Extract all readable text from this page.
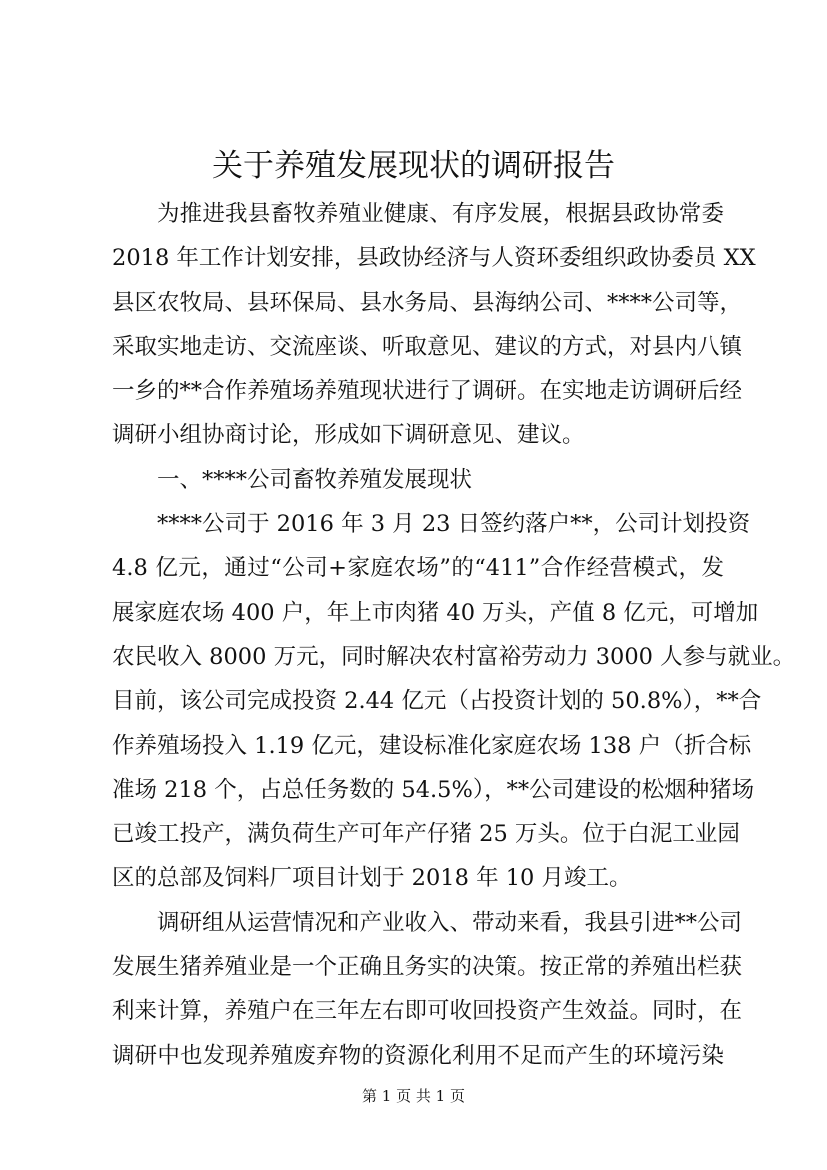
关于养殖发展现状的调研报告
为推进我县畜牧养殖业健康、有序发展，根据县政协常委
2018 年工作计划安排，县政协经济与人资环委组织政协委员 XX
县区农牧局、县环保局、县水务局、县海纳公司、****公司等，
采取实地走访、交流座谈、听取意见、建议的方式，对县内八镇
一乡的**合作养殖场养殖现状进行了调研。在实地走访调研后经
调研小组协商讨论，形成如下调研意见、建议。
一、****公司畜牧养殖发展现状
****公司于 2016 年 3 月 23 日签约落户**，公司计划投资
4.8 亿元，通过“公司+家庭农场”的“411”合作经营模式，发
展家庭农场 400 户，年上市肉猪 40 万头，产值 8 亿元，可增加
农民收入 8000 万元，同时解决农村富裕劳动力 3000 人参与就业。
目前，该公司完成投资 2.44 亿元（占投资计划的 50.8%），**合
作养殖场投入 1.19 亿元，建设标准化家庭农场 138 户（折合标
准场 218 个，占总任务数的 54.5%），**公司建设的松烟种猪场
已竣工投产，满负荷生产可年产仔猪 25 万头。位于白泥工业园
区的总部及饲料厂项目计划于 2018 年 10 月竣工。
调研组从运营情况和产业收入、带动来看，我县引进**公司
发展生猪养殖业是一个正确且务实的决策。按正常的养殖出栏获
利来计算，养殖户在三年左右即可收回投资产生效益。同时，在
调研中也发现养殖废弃物的资源化利用不足而产生的环境污染
第 1 页 共 1 页
